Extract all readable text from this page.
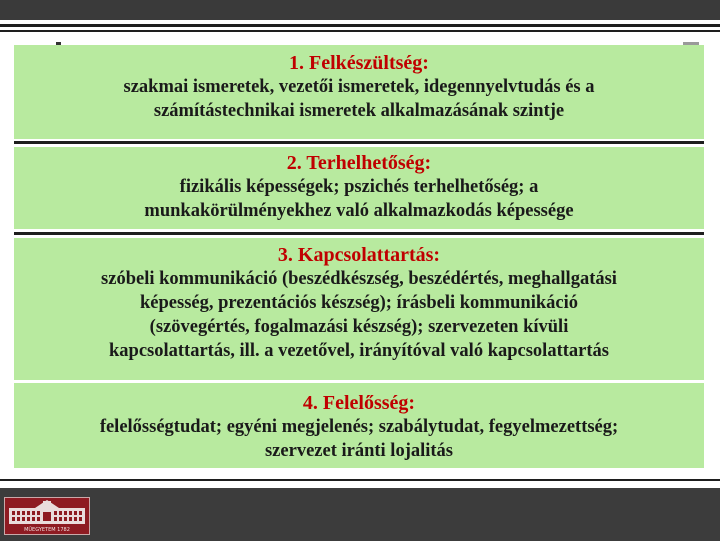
1. Felkészültség:
szakmai ismeretek, vezetői ismeretek, idegennyelvtudás és a
számítástechnikai ismeretek alkalmazásának szintje
2. Terhelhetőség:
fizikális képességek; pszichés terhelhetőség; a
munkakörülményekhez való alkalmazkodás képessége
3. Kapcsolattartás:
szóbeli kommunikáció (beszédkészség, beszédértés, meghallgatási
képesség, prezentációs készség); írásbeli kommunikáció
(szövegértés, fogalmazási készség); szervezeten kívüli
kapcsolattartás, ill. a vezetővel, irányítóval való kapcsolattartás
4. Felelősség:
felelősségtudat; egyéni megjelenés; szabálytudat, fegyelmezettség;
szervezet iránti lojalitás
MŰEGYETEM 1782
